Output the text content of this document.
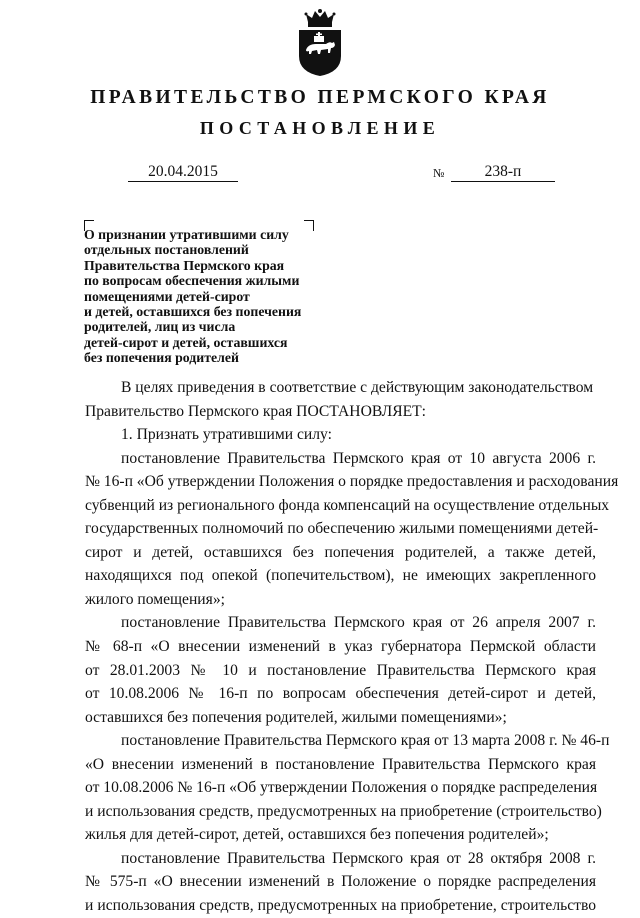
ПРАВИТЕЛЬСТВО ПЕРМСКОГО КРАЯ
ПОСТАНОВЛЕНИЕ
20.04.2015	№	238-п
О признании утратившими силу
отдельных постановлений
Правительства Пермского края
по вопросам обеспечения жилыми
помещениями детей-сирот
и детей, оставшихся без попечения
родителей, лиц из числа
детей-сирот и детей, оставшихся
без попечения родителей
В целях приведения в соответствие с действующим законодательством
Правительство Пермского края ПОСТАНОВЛЯЕТ:
1. Признать утратившими силу:
постановление Правительства Пермского края от 10 августа 2006 г.
№ 16-п «Об утверждении Положения о порядке предоставления и расходования
субвенций из регионального фонда компенсаций на осуществление отдельных
государственных полномочий по обеспечению жилыми помещениями детей-
сирот и детей, оставшихся без попечения родителей, а также детей,
находящихся под опекой (попечительством), не имеющих закрепленного
жилого помещения»;
постановление Правительства Пермского края от 26 апреля 2007 г.
№ 68-п «О внесении изменений в указ губернатора Пермской области
от 28.01.2003 № 10 и постановление Правительства Пермского края
от 10.08.2006 № 16-п по вопросам обеспечения детей-сирот и детей,
оставшихся без попечения родителей, жилыми помещениями»;
постановление Правительства Пермского края от 13 марта 2008 г. № 46-п
«О внесении изменений в постановление Правительства Пермского края
от 10.08.2006 № 16-п «Об утверждении Положения о порядке распределения
и использования средств, предусмотренных на приобретение (строительство)
жилья для детей-сирот, детей, оставшихся без попечения родителей»;
постановление Правительства Пермского края от 28 октября 2008 г.
№ 575-п «О внесении изменений в Положение о порядке распределения
и использования средств, предусмотренных на приобретение, строительство
